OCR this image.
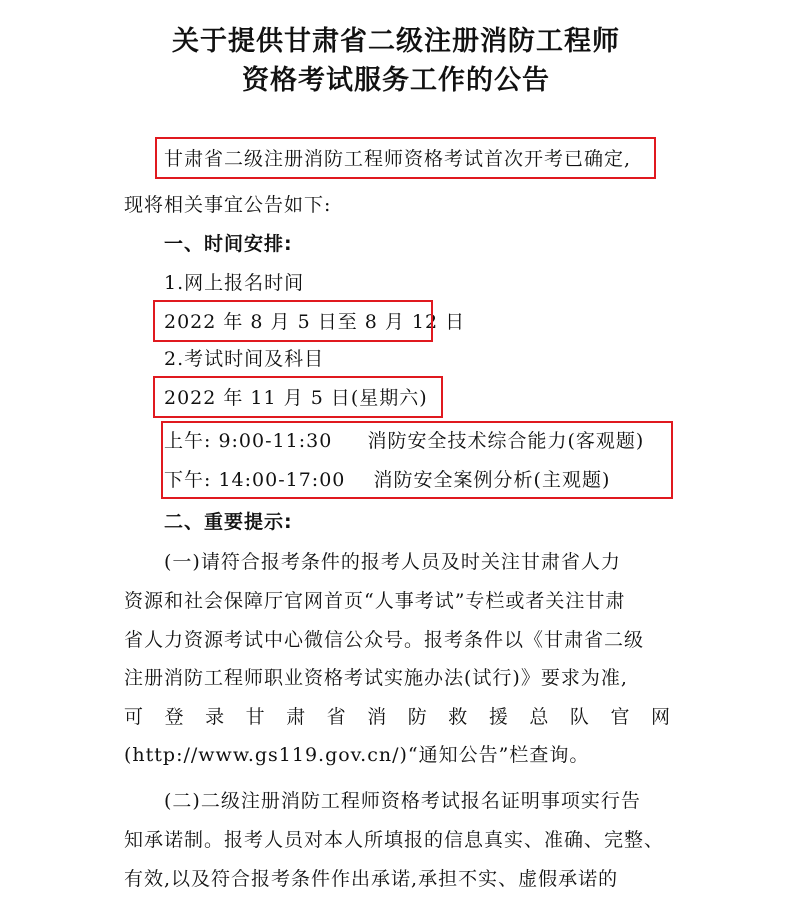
关于提供甘肃省二级注册消防工程师
资格考试服务工作的公告
甘肃省二级注册消防工程师资格考试首次开考已确定,
现将相关事宜公告如下:
一、时间安排:
1.网上报名时间
2022 年 8 月 5 日至 8 月 12 日
2.考试时间及科目
2022 年 11 月 5 日(星期六)
上午: 9:00-11:30     消防安全技术综合能力(客观题)
下午: 14:00-17:00    消防安全案例分析(主观题)
二、重要提示:
(一)请符合报考条件的报考人员及时关注甘肃省人力
资源和社会保障厅官网首页“人事考试”专栏或者关注甘肃
省人力资源考试中心微信公众号。报考条件以《甘肃省二级
注册消防工程师职业资格考试实施办法(试行)》要求为准,
可登录甘肃省消防救援总队官网
(http://www.gs119.gov.cn/)“通知公告”栏查询。
(二)二级注册消防工程师资格考试报名证明事项实行告
知承诺制。报考人员对本人所填报的信息真实、准确、完整、
有效,以及符合报考条件作出承诺,承担不实、虚假承诺的
